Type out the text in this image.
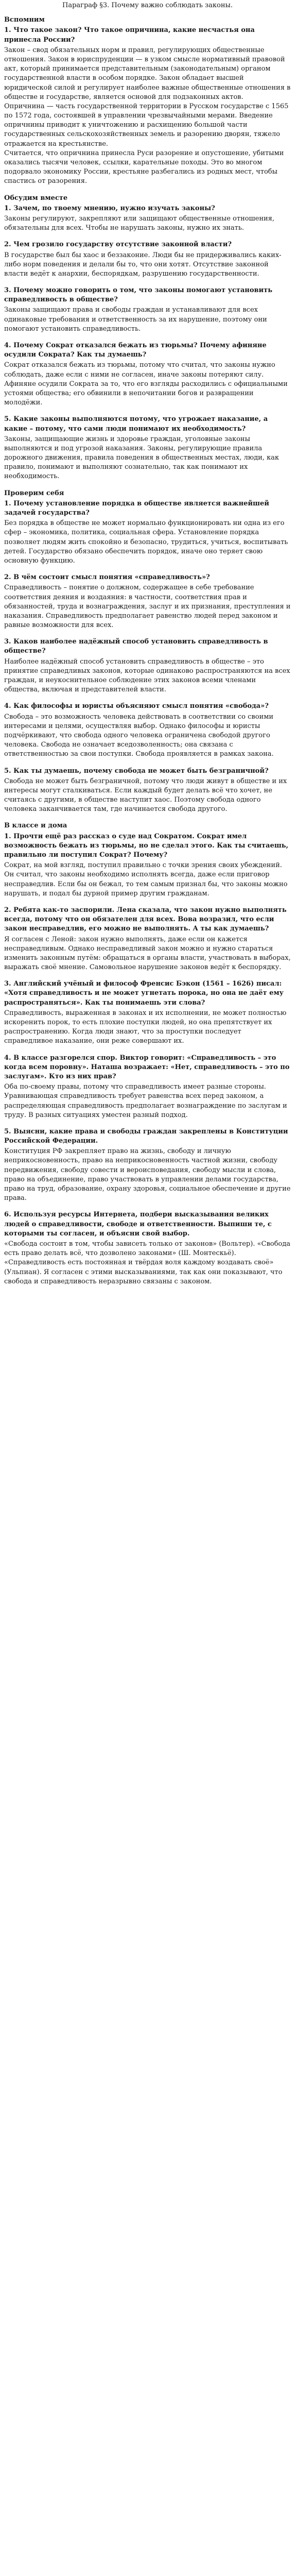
Параграф §3. Почему важно соблюдать законы.
Вспомним

1. Что такое закон? Что такое опричнина, какие несчастья она принесла России?

Закон – свод обязательных норм и правил, регулирующих общественные отношения. Закон в юриспруденции — в узком смысле нормативный правовой акт, который принимается представительным (законодательным) органом государственной власти в особом порядке. Закон обладает высшей юридической силой и регулирует наиболее важные общественные отношения в обществе и государстве, является основой для подзаконных актов.
Опричнина — часть государственной территории в Русском государстве с 1565 по 1572 года, состоявшей в управлении чрезвычайными мерами. Введение опричнины приводит к уничтожению и расхищению большой части государственных сельскохозяйственных земель и разорению дворян, тяжело отражается на крестьянстве.
Считается, что опричнина принесла Руси разорение и опустошение, убитыми оказались тысячи человек, ссылки, карательные походы. Это во многом подорвало экономику России, крестьяне разбегались из родных мест, чтобы спастись от разорения.

Обсудим вместе

1. Зачем, по твоему мнению, нужно изучать законы?

Законы регулируют, закрепляют или защищают общественные отношения, обязательны для всех. Чтобы не нарушать законы, нужно их знать.

2. Чем грозило государству отсутствие законной власти?

В государстве был бы хаос и беззаконие. Люди бы не придерживались каких-либо норм поведения и делали бы то, что они хотят. Отсутствие законной власти ведёт к анархии, беспорядкам, разрушению государственности.

3. Почему можно говорить о том, что законы помогают установить справедливость в обществе?

Законы защищают права и свободы граждан и устанавливают для всех одинаковые требования и ответственность за их нарушение, поэтому они помогают установить справедливость.

4. Почему Сократ отказался бежать из тюрьмы? Почему афиняне осудили Сократа? Как ты думаешь?

Сократ отказался бежать из тюрьмы, потому что считал, что законы нужно соблюдать, даже если с ними не согласен, иначе законы потеряют силу.
Афиняне осудили Сократа за то, что его взгляды расходились с официальными устоями общества; его обвинили в непочитании богов и развращении молодёжи.

5. Какие законы выполняются потому, что угрожает наказание, а какие – потому, что сами люди понимают их необходимость?

Законы, защищающие жизнь и здоровье граждан, уголовные законы выполняются и под угрозой наказания. Законы, регулирующие правила дорожного движения, правила поведения в общественных местах, люди, как правило, понимают и выполняют сознательно, так как понимают их необходимость.

Проверим себя

1. Почему установление порядка в обществе является важнейшей задачей государства?

Без порядка в обществе не может нормально функционировать ни одна из его сфер – экономика, политика, социальная сфера. Установление порядка позволяет людям жить спокойно и безопасно, трудиться, учиться, воспитывать детей. Государство обязано обеспечить порядок, иначе оно теряет свою основную функцию.

2. В чём состоит смысл понятия «справедливость»?

Справедливость – понятие о должном, содержащее в себе требование соответствия деяния и воздаяния: в частности, соответствия прав и обязанностей, труда и вознаграждения, заслуг и их признания, преступления и наказания. Справедливость предполагает равенство людей перед законом и равные возможности для всех.

3. Каков наиболее надёжный способ установить справедливость в обществе?

Наиболее надёжный способ установить справедливость в обществе – это принятие справедливых законов, которые одинаково распространяются на всех граждан, и неукоснительное соблюдение этих законов всеми членами общества, включая и представителей власти.

4. Как философы и юристы объясняют смысл понятия «свобода»?

Свобода – это возможность человека действовать в соответствии со своими интересами и целями, осуществляя выбор. Однако философы и юристы подчёркивают, что свобода одного человека ограничена свободой другого человека. Свобода не означает вседозволенность; она связана с ответственностью за свои поступки. Свобода проявляется в рамках закона.

5. Как ты думаешь, почему свобода не может быть безграничной?

Свобода не может быть безграничной, потому что люди живут в обществе и их интересы могут сталкиваться. Если каждый будет делать всё что хочет, не считаясь с другими, в обществе наступит хаос. Поэтому свобода одного человека заканчивается там, где начинается свобода другого.

В классе и дома

1. Прочти ещё раз рассказ о суде над Сократом. Сократ имел возможность бежать из тюрьмы, но не сделал этого. Как ты считаешь, правильно ли поступил Сократ? Почему?

Сократ, на мой взгляд, поступил правильно с точки зрения своих убеждений. Он считал, что законы необходимо исполнять всегда, даже если приговор несправедлив. Если бы он бежал, то тем самым признал бы, что законы можно нарушать, и подал бы дурной пример другим гражданам.

2. Ребята как-то заспорили. Лена сказала, что закон нужно выполнять всегда, потому что он обязателен для всех. Вова возразил, что если закон несправедлив, его можно не выполнять. А ты как думаешь?

Я согласен с Леной: закон нужно выполнять, даже если он кажется несправедливым. Однако несправедливый закон можно и нужно стараться изменить законным путём: обращаться в органы власти, участвовать в выборах, выражать своё мнение. Самовольное нарушение законов ведёт к беспорядку.

3. Английский учёный и философ Френсис Бэкон (1561 – 1626) писал: «Хотя справедливость и не может угнетать порока, но она не даёт ему распространяться». Как ты понимаешь эти слова?

Справедливость, выраженная в законах и их исполнении, не может полностью искоренить порок, то есть плохие поступки людей, но она препятствует их распространению. Когда люди знают, что за проступки последует справедливое наказание, они реже совершают их.

4. В классе разгорелся спор. Виктор говорит: «Справедливость – это когда всем поровну». Наташа возражает: «Нет, справедливость – это по заслугам». Кто из них прав?

Оба по-своему правы, потому что справедливость имеет разные стороны. Уравнивающая справедливость требует равенства всех перед законом, а распределяющая справедливость предполагает вознаграждение по заслугам и труду. В разных ситуациях уместен разный подход.

5. Выясни, какие права и свободы граждан закреплены в Конституции Российской Федерации.

Конституция РФ закрепляет право на жизнь, свободу и личную неприкосновенность, право на неприкосновенность частной жизни, свободу передвижения, свободу совести и вероисповедания, свободу мысли и слова, право на объединение, право участвовать в управлении делами государства, право на труд, образование, охрану здоровья, социальное обеспечение и другие права.

6. Используя ресурсы Интернета, подбери высказывания великих людей о справедливости, свободе и ответственности. Выпиши те, с которыми ты согласен, и объясни свой выбор.

«Свобода состоит в том, чтобы зависеть только от законов» (Вольтер). «Свобода есть право делать всё, что дозволено законами» (Ш. Монтескьё). «Справедливость есть постоянная и твёрдая воля каждому воздавать своё» (Ульпиан). Я согласен с этими высказываниями, так как они показывают, что свобода и справедливость неразрывно связаны с законом.
